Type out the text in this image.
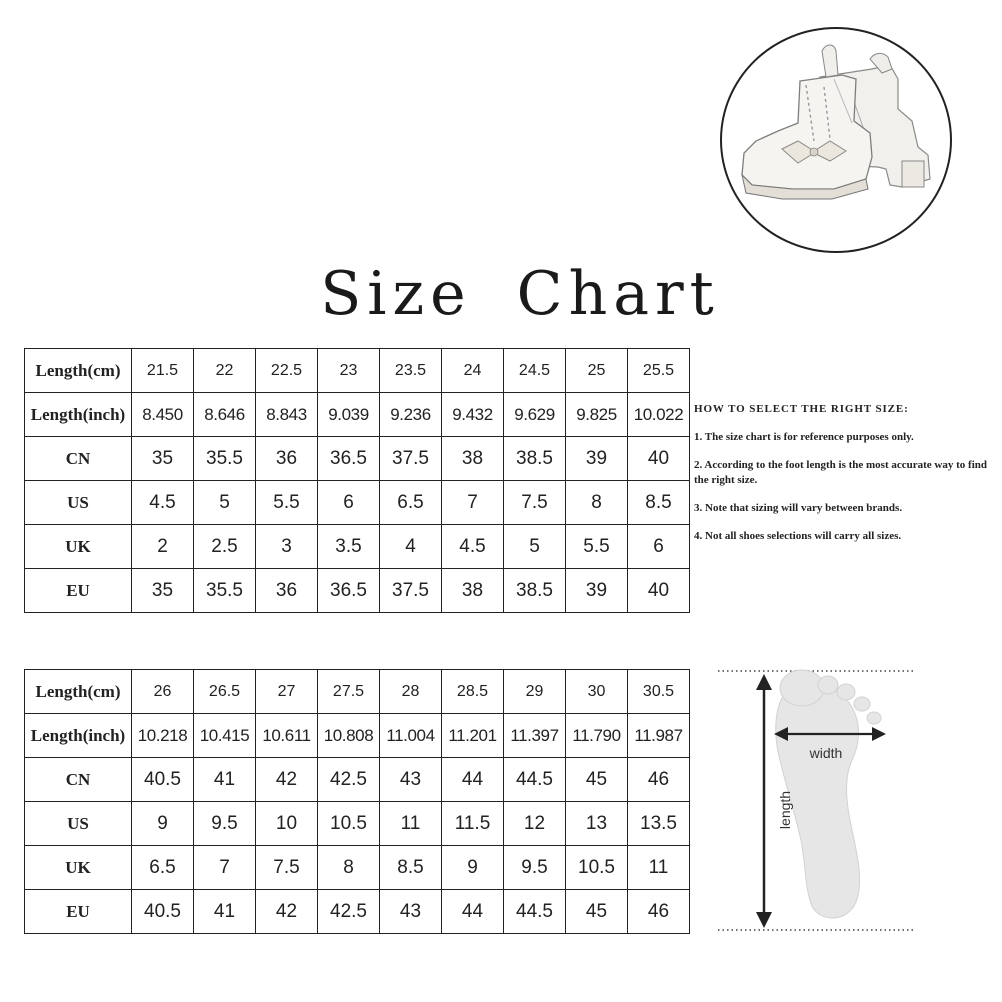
Size Chart
Length(cm)	21.5	22	22.5	23	23.5	24	24.5	25	25.5
Length(inch)	8.450	8.646	8.843	9.039	9.236	9.432	9.629	9.825	10.022
CN	35	35.5	36	36.5	37.5	38	38.5	39	40
US	4.5	5	5.5	6	6.5	7	7.5	8	8.5
UK	2	2.5	3	3.5	4	4.5	5	5.5	6
EU	35	35.5	36	36.5	37.5	38	38.5	39	40
Length(cm)	26	26.5	27	27.5	28	28.5	29	30	30.5
Length(inch)	10.218	10.415	10.611	10.808	11.004	11.201	11.397	11.790	11.987
CN	40.5	41	42	42.5	43	44	44.5	45	46
US	9	9.5	10	10.5	11	11.5	12	13	13.5
UK	6.5	7	7.5	8	8.5	9	9.5	10.5	11
EU	40.5	41	42	42.5	43	44	44.5	45	46
HOW TO SELECT THE RIGHT SIZE:
1. The size chart is for reference purposes only.
2. According to the foot length is the most accurate way to find the right size.
3. Note that sizing will vary between brands.
4. Not all shoes selections will carry all sizes.
width
length
